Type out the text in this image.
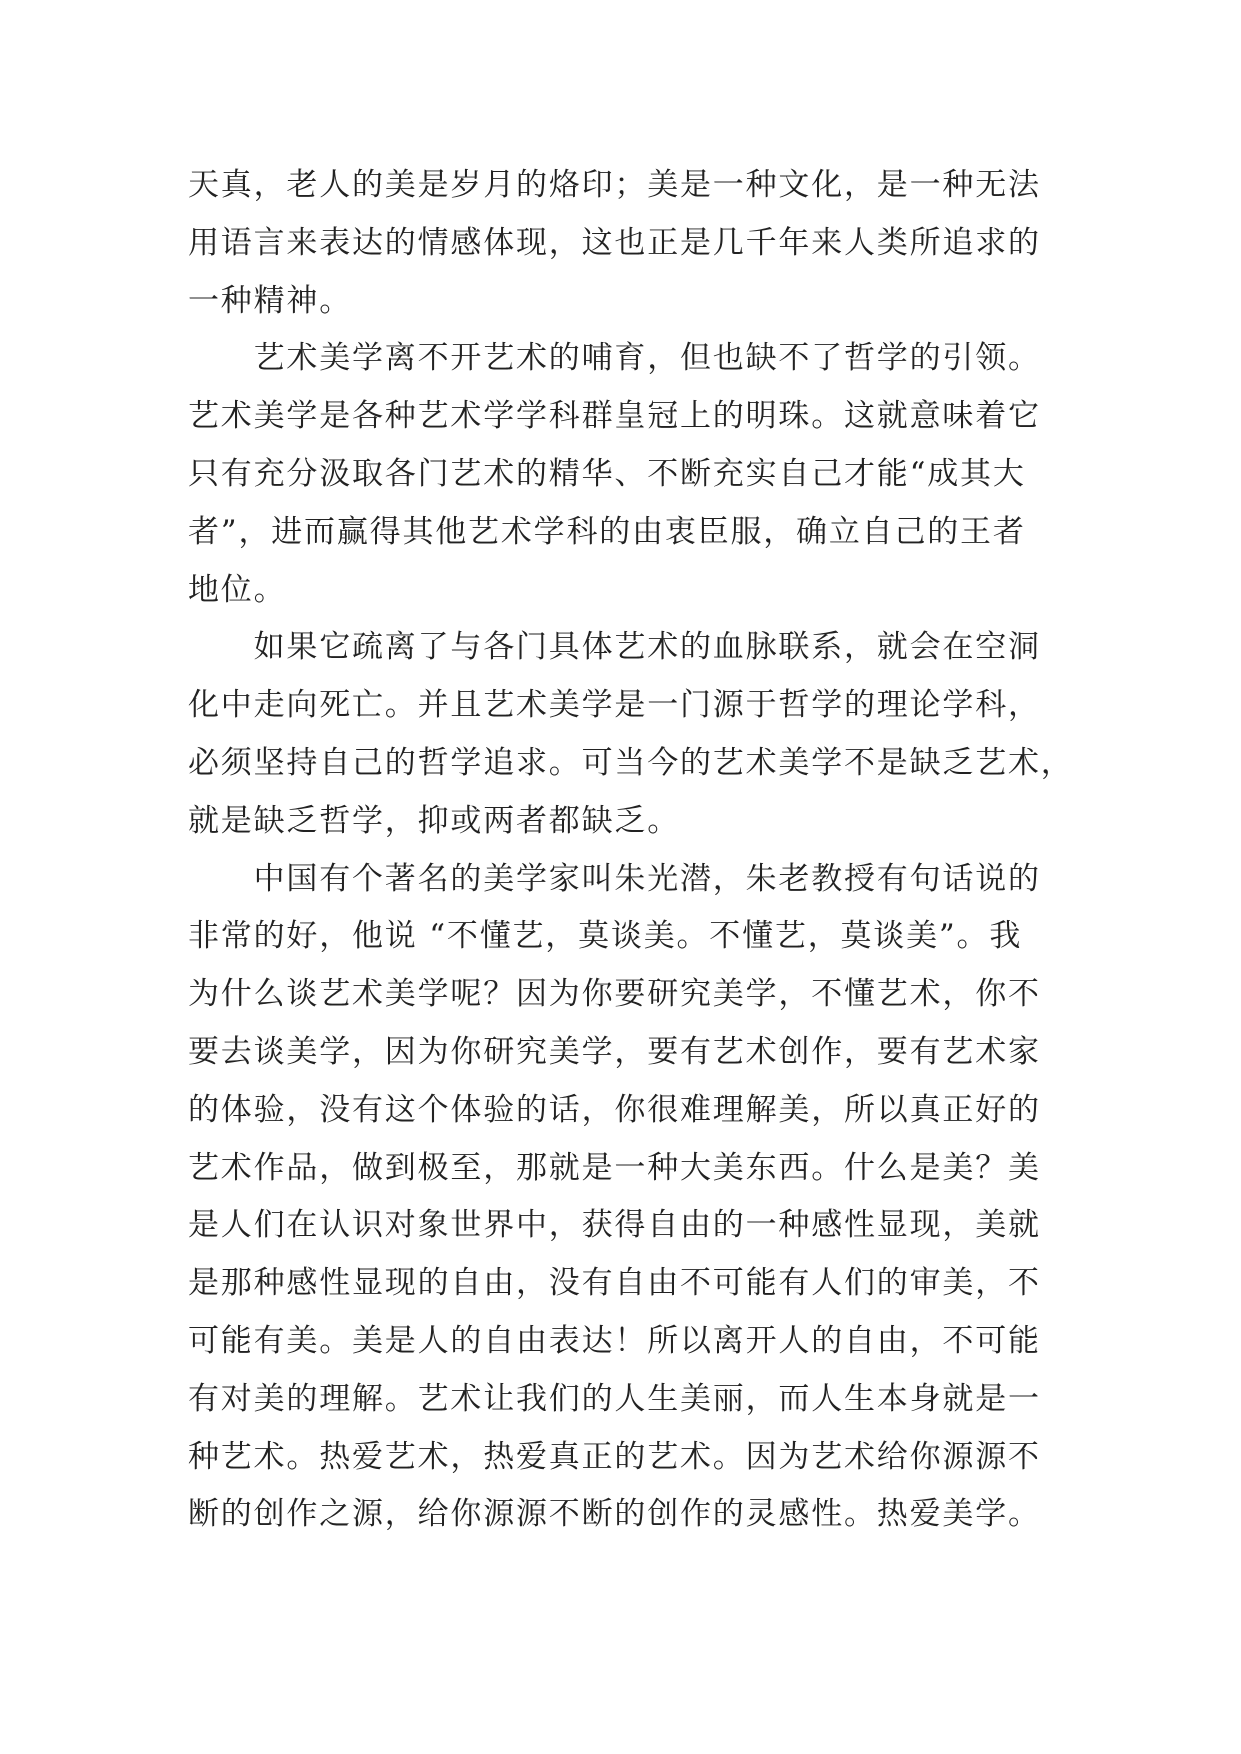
天真，老人的美是岁月的烙印；美是一种文化，是一种无法
用语言来表达的情感体现，这也正是几千年来人类所追求的
一种精神。
艺术美学离不开艺术的哺育，但也缺不了哲学的引领。
艺术美学是各种艺术学学科群皇冠上的明珠。这就意味着它
只有充分汲取各门艺术的精华、不断充实自己才能“成其大
者”，进而赢得其他艺术学科的由衷臣服，确立自己的王者
地位。
如果它疏离了与各门具体艺术的血脉联系，就会在空洞
化中走向死亡。并且艺术美学是一门源于哲学的理论学科，
必须坚持自己的哲学追求。可当今的艺术美学不是缺乏艺术，
就是缺乏哲学，抑或两者都缺乏。
中国有个著名的美学家叫朱光潜，朱老教授有句话说的
非常的好，他说 “不懂艺，莫谈美。不懂艺，莫谈美”。我
为什么谈艺术美学呢？因为你要研究美学，不懂艺术，你不
要去谈美学，因为你研究美学，要有艺术创作，要有艺术家
的体验，没有这个体验的话，你很难理解美，所以真正好的
艺术作品，做到极至，那就是一种大美东西。什么是美？美
是人们在认识对象世界中，获得自由的一种感性显现，美就
是那种感性显现的自由，没有自由不可能有人们的审美，不
可能有美。美是人的自由表达！所以离开人的自由，不可能
有对美的理解。艺术让我们的人生美丽，而人生本身就是一
种艺术。热爱艺术，热爱真正的艺术。因为艺术给你源源不
断的创作之源，给你源源不断的创作的灵感性。热爱美学。
